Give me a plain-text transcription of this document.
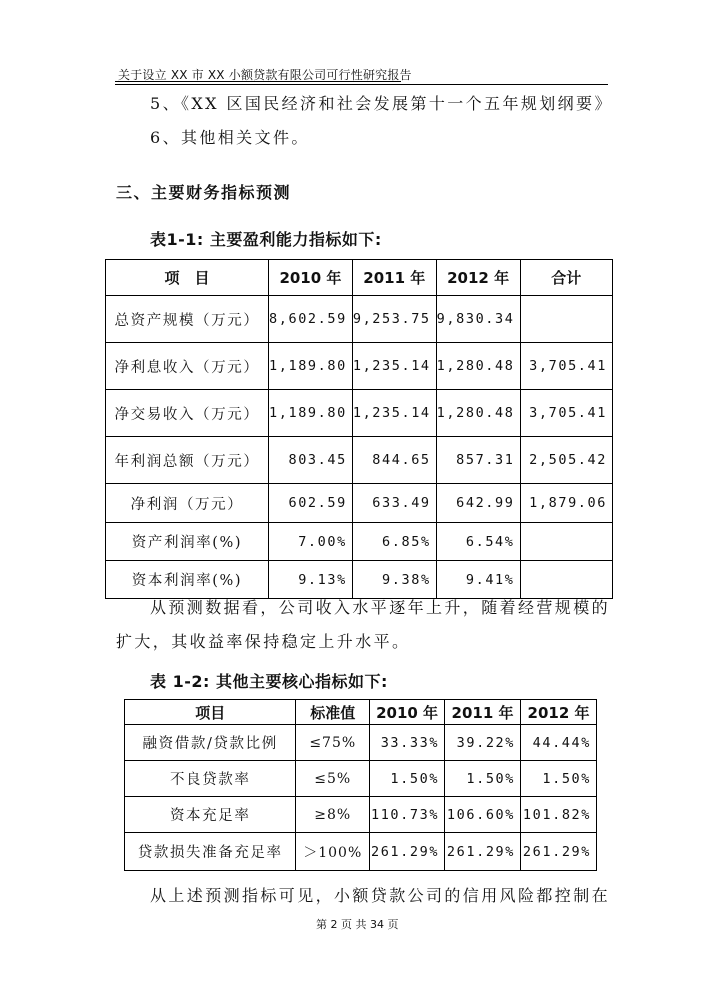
关于设立 XX 市 XX 小额贷款有限公司可行性研究报告
5、《XX 区国民经济和社会发展第十一个五年规划纲要》
6、其他相关文件。
三、主要财务指标预测
表1-1: 主要盈利能力指标如下:
项　目	2010 年	2011 年	2012 年	合计
总资产规模（万元）	8,602.59	9,253.75	9,830.34	
净利息收入（万元）	1,189.80	1,235.14	1,280.48	3,705.41
净交易收入（万元）	1,189.80	1,235.14	1,280.48	3,705.41
年利润总额（万元）	803.45	844.65	857.31	2,505.42
净利润（万元）	602.59	633.49	642.99	1,879.06
资产利润率(%)	7.00%	6.85%	6.54%	
资本利润率(%)	9.13%	9.38%	9.41%	
从预测数据看，公司收入水平逐年上升，随着经营规模的
扩大，其收益率保持稳定上升水平。
表 1-2: 其他主要核心指标如下:
项目	标准值	2010 年	2011 年	2012 年
融资借款/贷款比例	≤75%	33.33%	39.22%	44.44%
不良贷款率	≤5%	1.50%	1.50%	1.50%
资本充足率	≥8%	110.73%	106.60%	101.82%
贷款损失准备充足率	＞100%	261.29%	261.29%	261.29%
从上述预测指标可见，小额贷款公司的信用风险都控制在
第 2 页 共 34 页
